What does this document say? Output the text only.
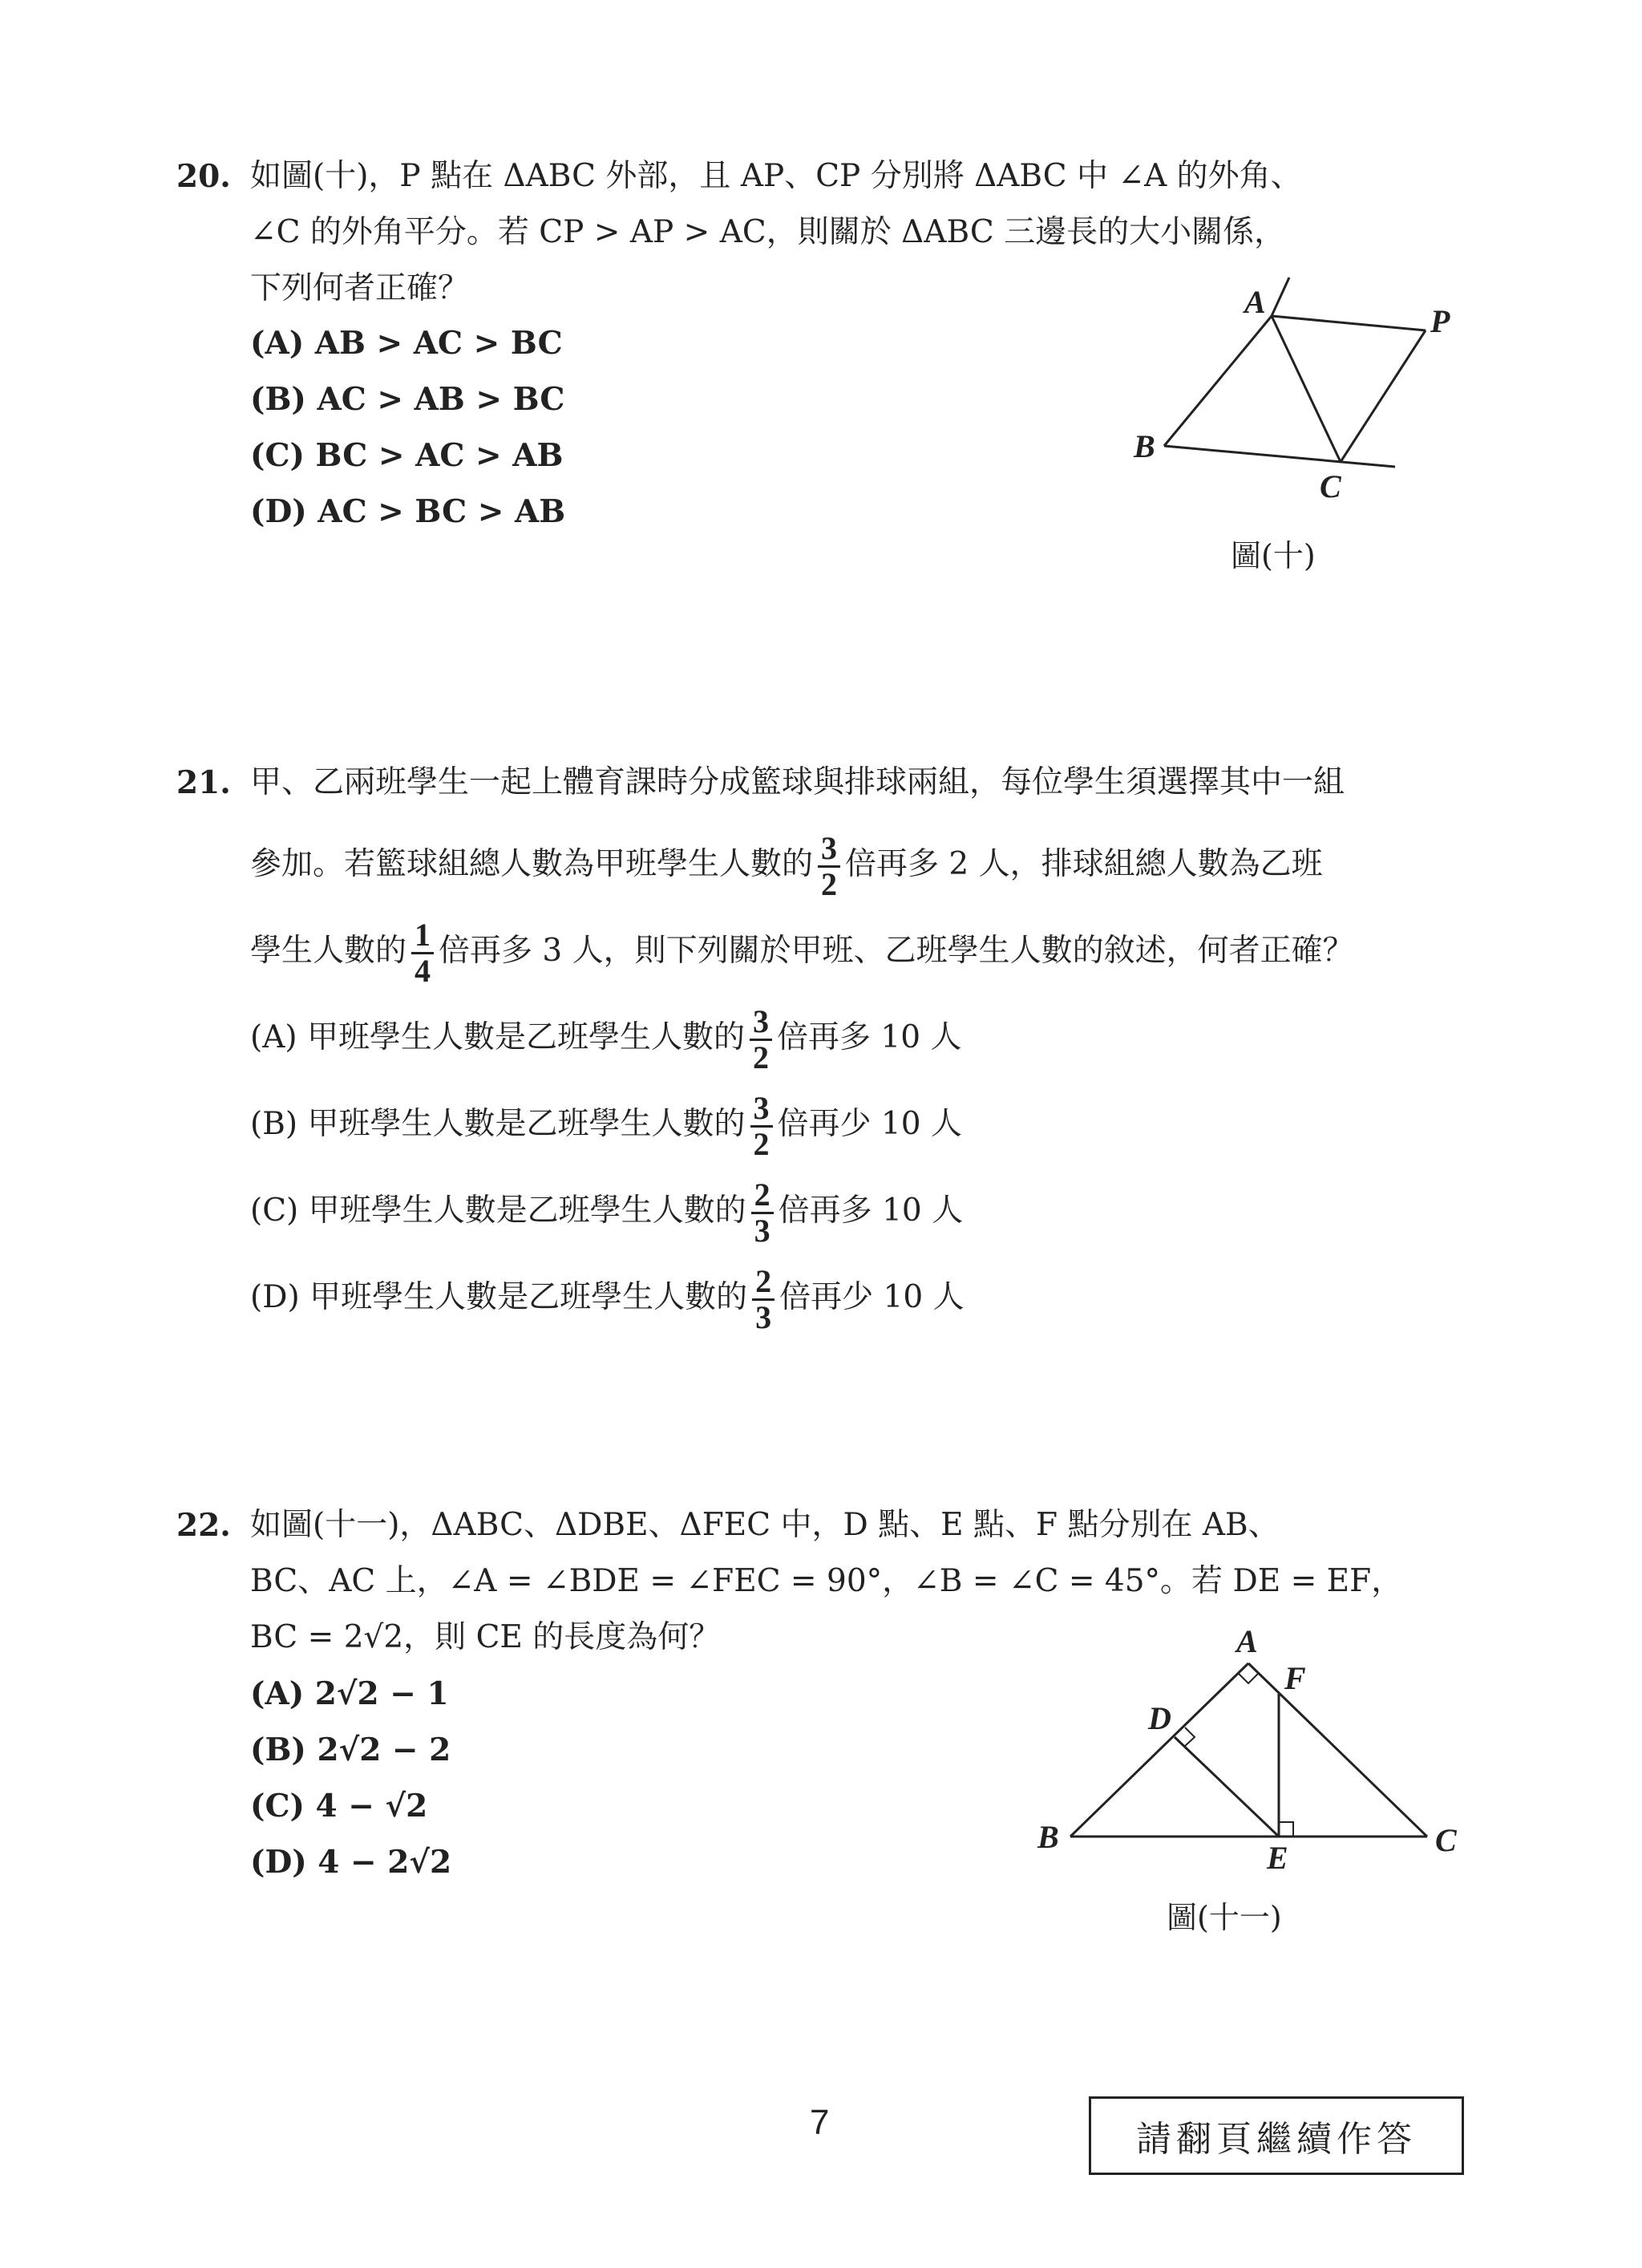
20. 如圖(十)，P 點在 ΔABC 外部，且 AP、CP 分別將 ΔABC 中 ∠A 的外角、
∠C 的外角平分。若 CP > AP > AC，則關於 ΔABC 三邊長的大小關係，
下列何者正確？
(A) AB > AC > BC
(B) AC > AB > BC
(C) BC > AC > AB
(D) AC > BC > AB
A
B
C
P
圖(十)
21. 甲、乙兩班學生一起上體育課時分成籃球與排球兩組，每位學生須選擇其中一組
參加。若籃球組總人數為甲班學生人數的 $\frac{3}{2}$ 倍再多 2 人，排球組總人數為乙班
學生人數的 $\frac{1}{4}$ 倍再多 3 人，則下列關於甲班、乙班學生人數的敘述，何者正確？
(A) 甲班學生人數是乙班學生人數的 $\frac{3}{2}$ 倍再多 10 人
(B) 甲班學生人數是乙班學生人數的 $\frac{3}{2}$ 倍再少 10 人
(C) 甲班學生人數是乙班學生人數的 $\frac{2}{3}$ 倍再多 10 人
(D) 甲班學生人數是乙班學生人數的 $\frac{2}{3}$ 倍再少 10 人
22. 如圖(十一)，ΔABC、ΔDBE、ΔFEC 中，D 點、E 點、F 點分別在 AB、
BC、AC 上，∠A = ∠BDE = ∠FEC = 90°，∠B = ∠C = 45°。若 DE = EF，
BC = 2√2，則 CE 的長度為何？
(A) 2√2 − 1
(B) 2√2 − 2
(C) 4 − √2
(D) 4 − 2√2
A
B	C
D
E
F
圖(十一)
7	請翻頁繼續作答
